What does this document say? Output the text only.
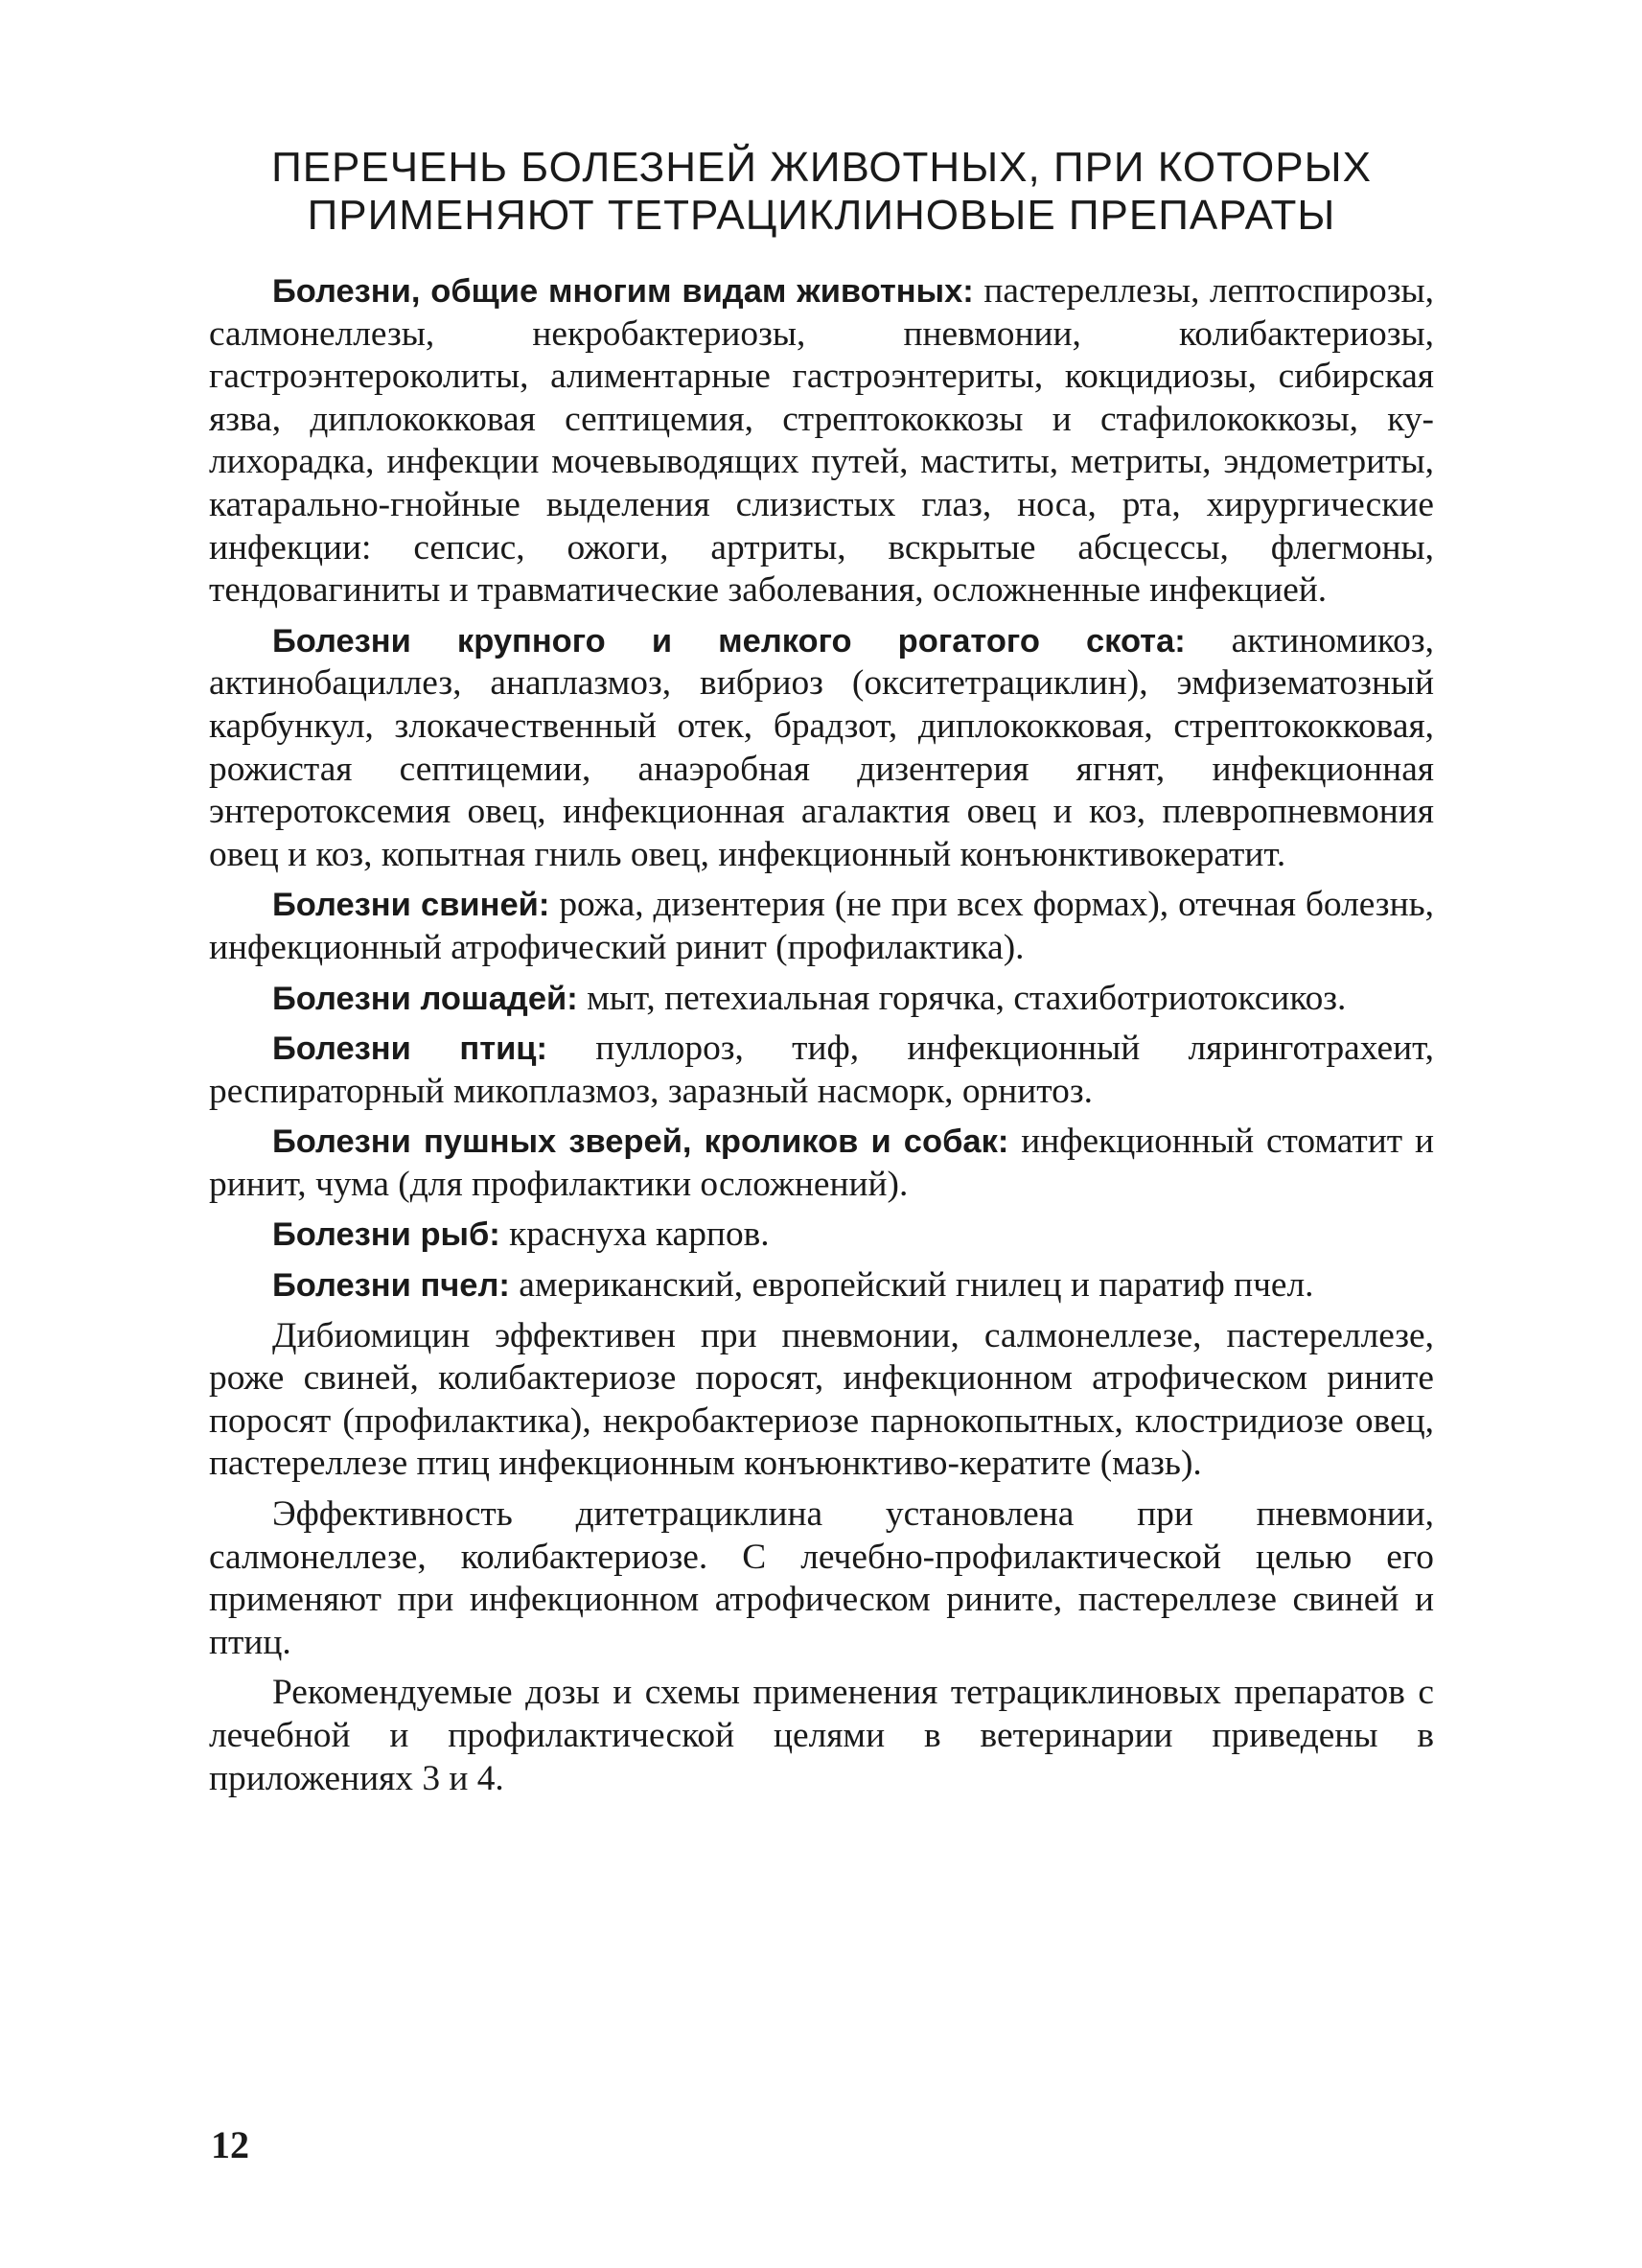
ПЕРЕЧЕНЬ БОЛЕЗНЕЙ ЖИВОТНЫХ, ПРИ КОТОРЫХ
ПРИМЕНЯЮТ ТЕТРАЦИКЛИНОВЫЕ ПРЕПАРАТЫ

Болезни, общие многим видам животных: пастереллезы, лептоспирозы, салмонеллезы, некробактериозы, пневмонии, колибактериозы, гастроэнтероколиты, алиментарные гастроэнтериты, кокцидиозы, сибирская язва, диплококковая септицемия, стрептококкозы и стафилококкозы, ку-лихорадка, инфекции мочевыводящих путей, маститы, метриты, эндометриты, катарально-гнойные выделения слизистых глаз, носа, рта, хирургические инфекции: сепсис, ожоги, артриты, вскрытые абсцессы, флегмоны, тендовагиниты и травматические заболевания, осложненные инфекцией.

Болезни крупного и мелкого рогатого скота: актиномикоз, актинобациллез, анаплазмоз, вибриоз (окситетрациклин), эмфизематозный карбункул, злокачественный отек, брадзот, диплококковая, стрептококковая, рожистая септицемии, анаэробная дизентерия ягнят, инфекционная энтеротоксемия овец, инфекционная агалактия овец и коз, плевропневмония овец и коз, копытная гниль овец, инфекционный конъюнктивокератит.

Болезни свиней: рожа, дизентерия (не при всех формах), отечная болезнь, инфекционный атрофический ринит (профилактика).

Болезни лошадей: мыт, петехиальная горячка, стахиботриотоксикоз.

Болезни птиц: пуллороз, тиф, инфекционный ляринготрахеит, респираторный микоплазмоз, заразный насморк, орнитоз.

Болезни пушных зверей, кроликов и собак: инфекционный стоматит и ринит, чума (для профилактики осложнений).

Болезни рыб: краснуха карпов.

Болезни пчел: американский, европейский гнилец и паратиф пчел.

Дибиомицин эффективен при пневмонии, салмонеллезе, пастереллезе, роже свиней, колибактериозе поросят, инфекционном атрофическом рините поросят (профилактика), некробактериозе парнокопытных, клостридиозе овец, пастереллезе птиц инфекционным конъюнктиво-кератите (мазь).

Эффективность дитетрациклина установлена при пневмонии, салмонеллезе, колибактериозе. С лечебно-профилактической целью его применяют при инфекционном атрофическом рините, пастереллезе свиней и птиц.

Рекомендуемые дозы и схемы применения тетрациклиновых препаратов с лечебной и профилактической целями в ветеринарии приведены в приложениях 3 и 4.

12
